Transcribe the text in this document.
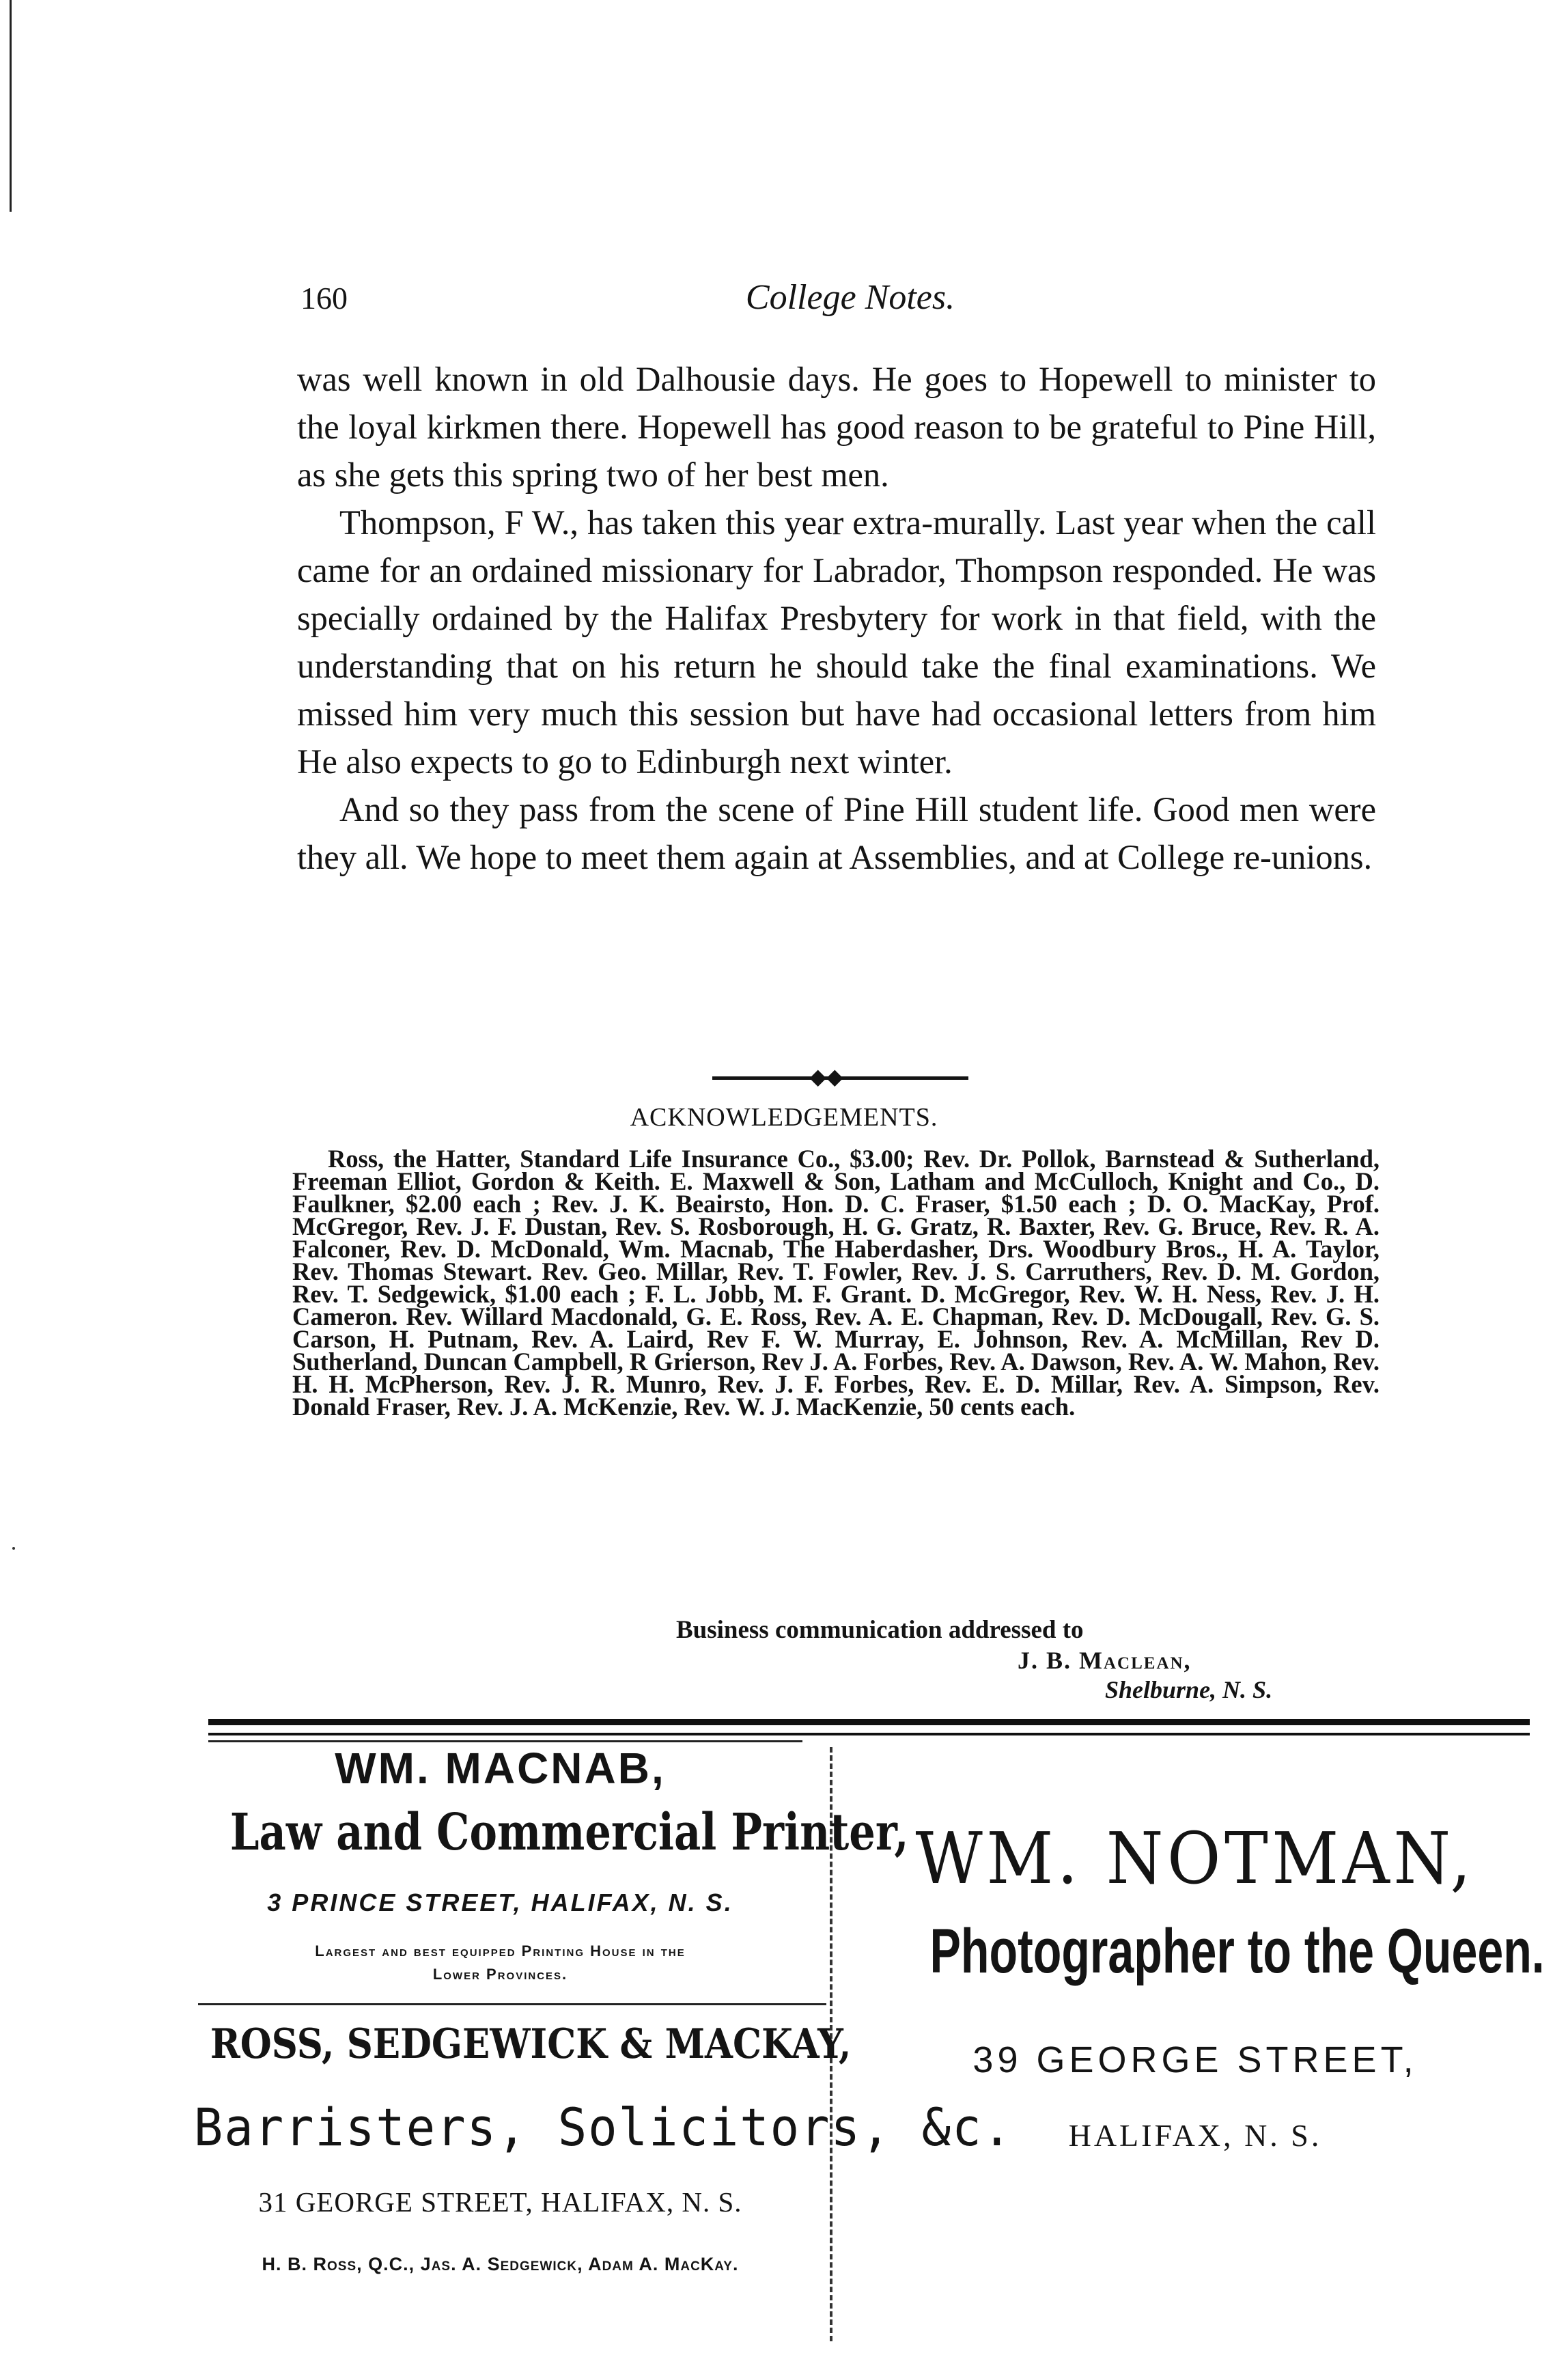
160	College Notes.

was well known in old Dalhousie days. He goes to Hopewell to minister to the loyal kirkmen there. Hopewell has good reason to be grateful to Pine Hill, as she gets this spring two of her best men.

Thompson, F W., has taken this year extra-murally. Last year when the call came for an ordained missionary for Labrador, Thompson responded. He was specially ordained by the Halifax Presbytery for work in that field, with the understanding that on his return he should take the final examinations. We missed him very much this session but have had occasional letters from him He also expects to go to Edinburgh next winter.

And so they pass from the scene of Pine Hill student life. Good men were they all. We hope to meet them again at Assemblies, and at College re-unions.

◆◆
ACKNOWLEDGEMENTS.

Ross, the Hatter, Standard Life Insurance Co., $3.00; Rev. Dr. Pollok, Barnstead & Sutherland, Freeman Elliot, Gordon & Keith. E. Maxwell & Son, Latham and McCulloch, Knight and Co., D. Faulkner, $2.00 each ; Rev. J. K. Beairsto, Hon. D. C. Fraser, $1.50 each ; D. O. MacKay, Prof. McGregor, Rev. J. F. Dustan, Rev. S. Rosborough, H. G. Gratz, R. Baxter, Rev. G. Bruce, Rev. R. A. Falconer, Rev. D. McDonald, Wm. Macnab, The Haberdasher, Drs. Woodbury Bros., H. A. Taylor, Rev. Thomas Stewart. Rev. Geo. Millar, Rev. T. Fowler, Rev. J. S. Carruthers, Rev. D. M. Gordon, Rev. T. Sedgewick, $1.00 each ; F. L. Jobb, M. F. Grant. D. McGregor, Rev. W. H. Ness, Rev. J. H. Cameron. Rev. Willard Macdonald, G. E. Ross, Rev. A. E. Chapman, Rev. D. McDougall, Rev. G. S. Carson, H. Putnam, Rev. A. Laird, Rev F. W. Murray, E. Johnson, Rev. A. McMillan, Rev D. Sutherland, Duncan Campbell, R Grierson, Rev J. A. Forbes, Rev. A. Dawson, Rev. A. W. Mahon, Rev. H. H. McPherson, Rev. J. R. Munro, Rev. J. F. Forbes, Rev. E. D. Millar, Rev. A. Simpson, Rev. Donald Fraser, Rev. J. A. McKenzie, Rev. W. J. MacKenzie, 50 cents each.

Business communication addressed to
J. B. Maclean,
Shelburne, N. S.
WM. MACNAB,
Law and Commercial Printer,
3 PRINCE STREET, HALIFAX, N. S.
Largest and best equipped Printing House in the
Lower Provinces.
ROSS, SEDGEWICK & MACKAY,
Barristers, Solicitors, &c.
31 GEORGE STREET, HALIFAX, N. S.
H. B. Ross, Q.C., Jas. A. Sedgewick, Adam A. MacKay.
WM. NOTMAN,
Photographer to the Queen.
39 GEORGE STREET,
HALIFAX, N. S.
